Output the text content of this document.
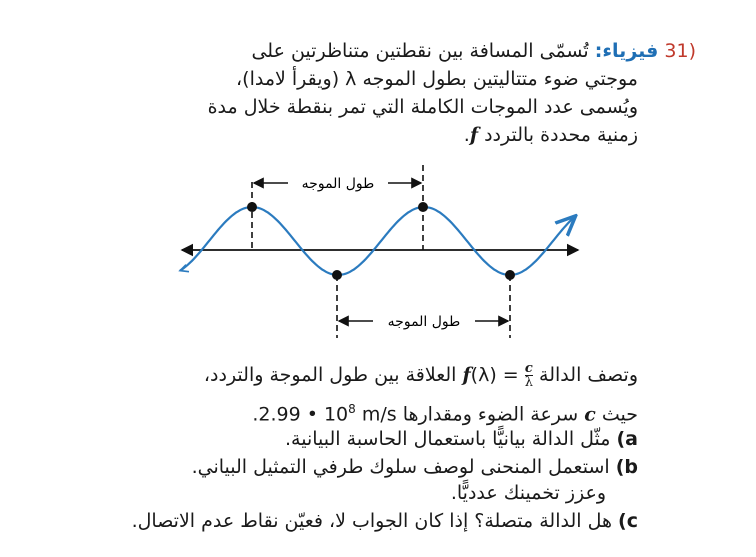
(31 فيزياء: تُسمّى المسافة بين نقطتين متناظرتين على
موجتي ضوء متتاليتين بطول الموجه λ (ويقرأ لامدا)،
ويُسمى عدد الموجات الكاملة التي تمر بنقطة خلال مدة
زمنية محددة بالتردد f.
طول الموجه
طول الموجه
وتصف الدالة $f(\lambda) = \frac{c}{\lambda}$
العلاقة بين طول الموجة والتردد،
حيث c سرعة الضوء ومقدارها 2.99 • $10^8$ m/s.
a) مثّل الدالة بيانيًّا باستعمال الحاسبة البيانية.
b) استعمل المنحنى لوصف سلوك طرفي التمثيل البياني.
وعزز تخمينك عدديًّا.
c) هل الدالة متصلة؟ إذا كان الجواب لا، فعيّن نقاط عدم الاتصال.
